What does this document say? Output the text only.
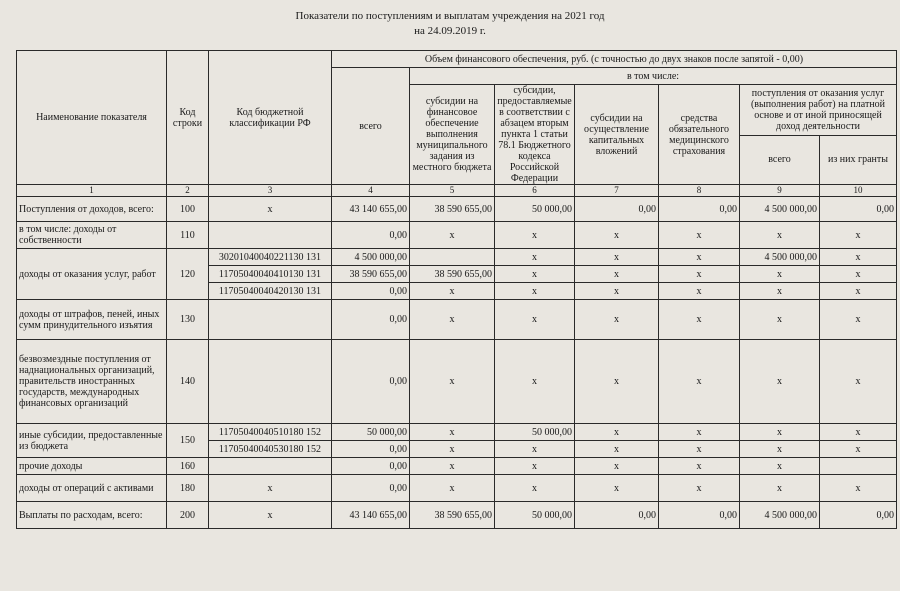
Показатели по поступлениям и выплатам учреждения на 2021 год
на 24.09.2019 г.
Наименование показателя	Код строки	Код бюджетной классификации РФ	Объем финансового обеспечения, руб. (с точностью до двух знаков после запятой - 0,00)						
			всего	в том числе:					
				субсидии на финансовое обеспечение выполнения муниципального задания из местного бюджета	субсидии, предоставляемые в соответствии с абзацем вторым пункта 1 статьи 78.1 Бюджетного кодекса Российской Федерации	субсидии на осуществление капитальных вложений	средства обязательного медицинского страхования	поступления от оказания услуг (выполнения работ) на платной основе и от иной приносящей доход деятельности	
								всего	из них гранты
1	2	3	4	5	6	7	8	9	10
Поступления от доходов, всего:	100	х	43 140 655,00	38 590 655,00	50 000,00	0,00	0,00	4 500 000,00	0,00
в том числе: доходы от собственности	110		0,00	х	х	х	х	х	х
доходы от оказания услуг, работ	120	30201040040221130 131	4 500 000,00		х	х	х	4 500 000,00	х
		11705040040410130 131	38 590 655,00	38 590 655,00	х	х	х	х	х
		11705040040420130 131	0,00	х	х	х	х	х	х
доходы от штрафов, пеней, иных сумм принудительного изъятия	130		0,00	х	х	х	х	х	х
безвозмездные поступления от наднациональных организаций, правительств иностранных государств, международных финансовых организаций	140		0,00	х	х	х	х	х	х
иные субсидии, предоставленные из бюджета	150	11705040040510180 152	50 000,00	х	50 000,00	х	х	х	х
		11705040040530180 152	0,00	х	х	х	х	х	х
прочие доходы	160		0,00	х	х	х	х	х	
доходы от операций с активами	180	х	0,00	х	х	х	х	х	х
Выплаты по расходам, всего:	200	х	43 140 655,00	38 590 655,00	50 000,00	0,00	0,00	4 500 000,00	0,00
